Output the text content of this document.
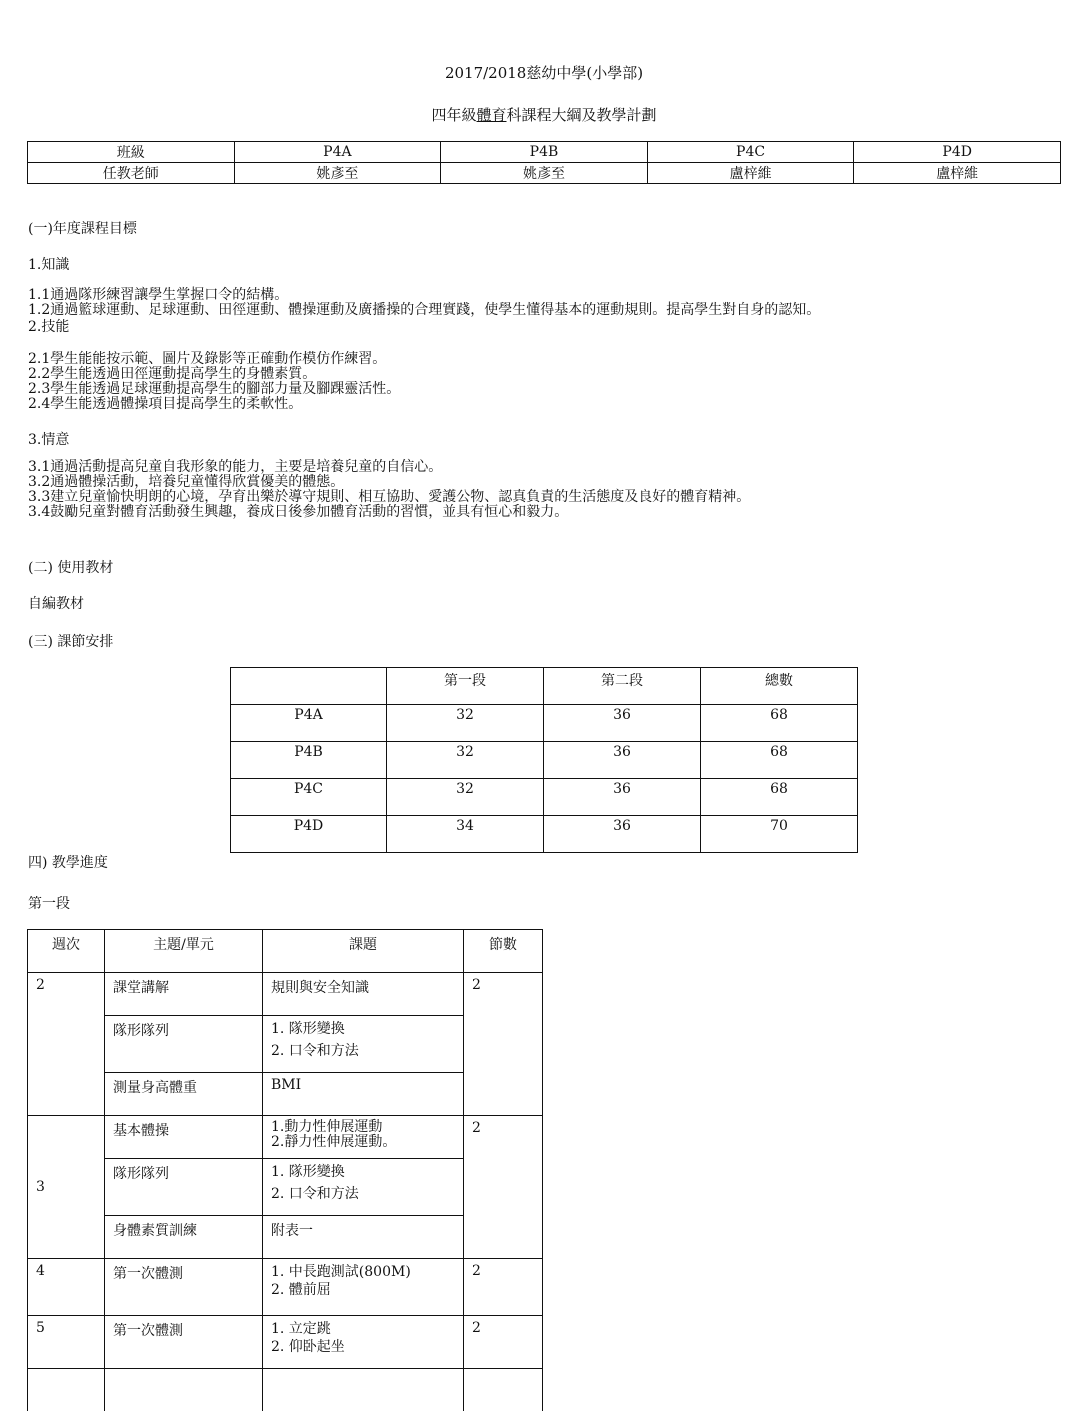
2017/2018慈幼中學(小學部)
四年級體育科課程大綱及教學計劃
班級	P4A	P4B	P4C	P4D
任教老師	姚彥至	姚彥至	盧梓維	盧梓維
(一)年度課程目標
1.知識
1.1通過隊形練習讓學生掌握口令的結構。
1.2通過籃球運動、足球運動、田徑運動、體操運動及廣播操的合理實踐，使學生懂得基本的運動規則。提高學生對自身的認知。
2.技能
2.1學生能能按示範、圖片及錄影等正確動作模仿作練習。
2.2學生能透過田徑運動提高學生的身體素質。
2.3學生能透過足球運動提高學生的腳部力量及腳踝靈活性。
2.4學生能透過體操項目提高學生的柔軟性。
3.情意
3.1通過活動提高兒童自我形象的能力，主要是培養兒童的自信心。
3.2通過體操活動，培養兒童懂得欣賞優美的體態。
3.3建立兒童愉快明朗的心境，孕育出樂於導守規則、相互協助、愛護公物、認真負責的生活態度及良好的體育精神。
3.4鼓勵兒童對體育活動發生興趣，養成日後參加體育活動的習慣，並具有恒心和毅力。
(二) 使用教材
自編教材
(三) 課節安排
	第一段	第二段	總數
P4A	32	36	68
P4B	32	36	68
P4C	32	36	68
P4D	34	36	70
四) 教學進度
第一段
週次	主題/單元	課題	節數
2	課堂講解	規則與安全知識	2
	隊形隊列	1. 隊形變換
2. 口令和方法	

	測量身高體重	BMI	
3	基本體操	1.動力性伸展運動
2.靜力性伸展運動。	2
	隊形隊列	1. 隊形變換
2. 口令和方法	

	身體素質訓練	附表一	
4	第一次體測	1. 中長跑測試(800M)
2. 體前屈	2
5	第一次體測	1. 立定跳
2. 仰卧起坐	2
